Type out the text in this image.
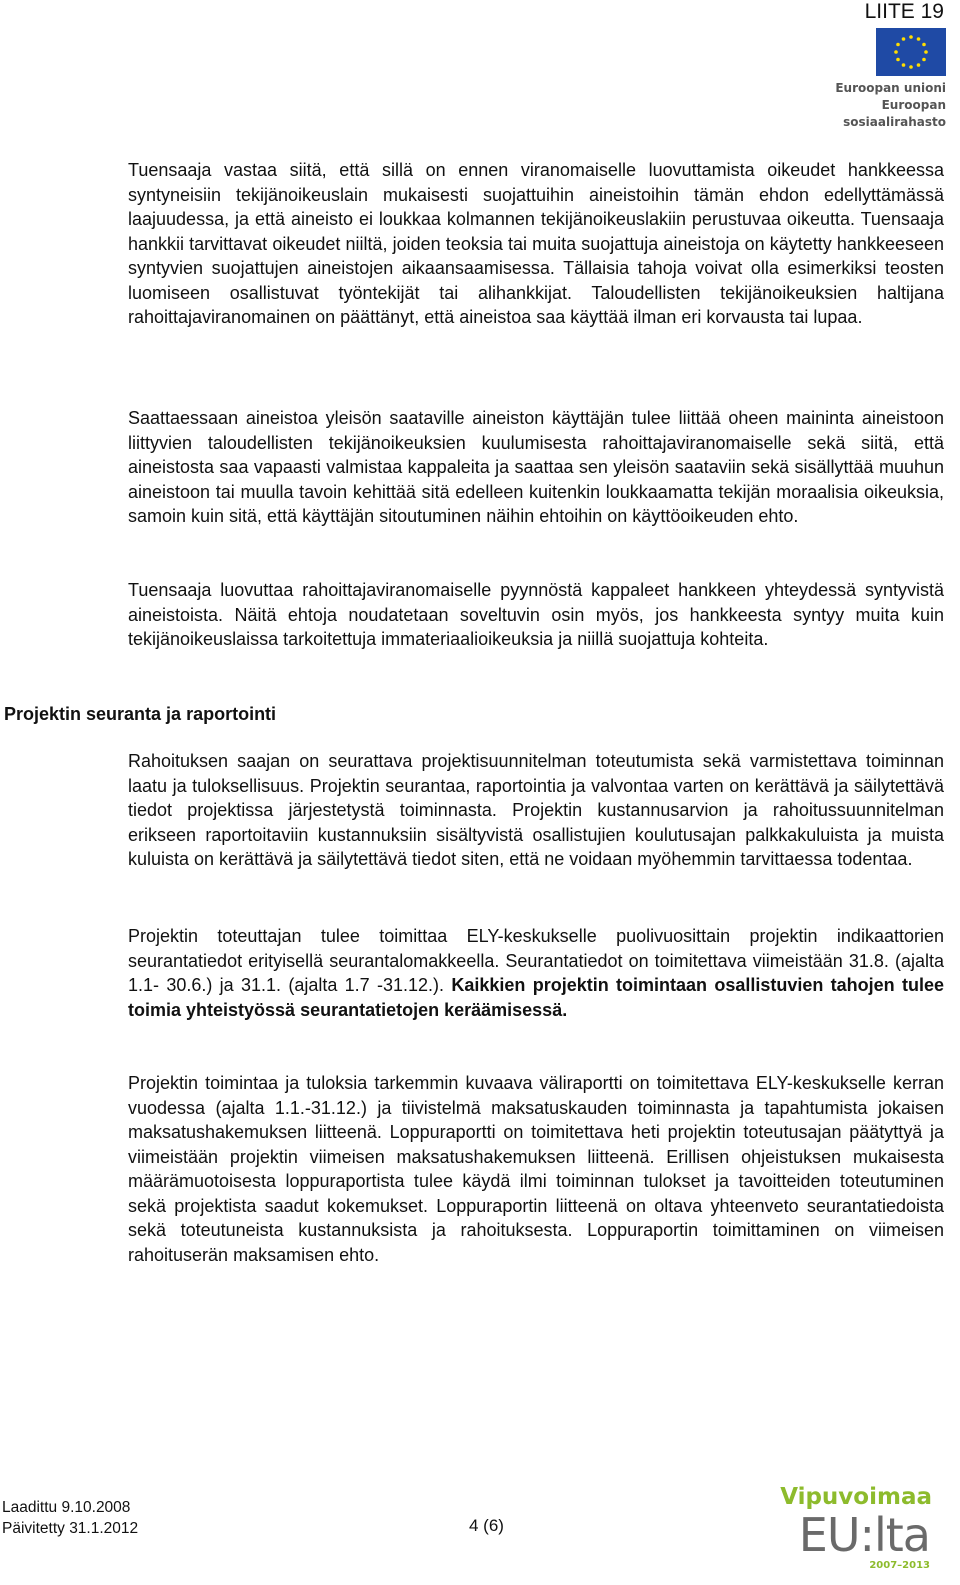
LIITE 19
Euroopan unioni
Euroopan sosiaalirahasto

Tuensaaja vastaa siitä, että sillä on ennen viranomaiselle luovuttamista oikeudet hankkeessa syntyneisiin tekijänoikeuslain mukaisesti suojattuihin aineistoihin tämän ehdon edellyttämässä laajuudessa, ja että aineisto ei loukkaa kolmannen tekijänoikeuslakiin perustuvaa oikeutta. Tuensaaja hankkii tarvittavat oikeudet niiltä, joiden teoksia tai muita suojattuja aineistoja on käytetty hankkeeseen syntyvien suojattujen aineistojen aikaansaamisessa. Tällaisia tahoja voivat olla esimerkiksi teosten luomiseen osallistuvat työntekijät tai alihankkijat. Taloudellisten tekijänoikeuksien haltijana rahoittajaviranomainen on päättänyt, että aineistoa saa käyttää ilman eri korvausta tai lupaa.

Saattaessaan aineistoa yleisön saataville aineiston käyttäjän tulee liittää oheen maininta aineistoon liittyvien taloudellisten tekijänoikeuksien kuulumisesta rahoittajaviranomaiselle sekä siitä, että aineistosta saa vapaasti valmistaa kappaleita ja saattaa sen yleisön saataviin sekä sisällyttää muuhun aineistoon tai muulla tavoin kehittää sitä edelleen kuitenkin loukkaamatta tekijän moraalisia oikeuksia, samoin kuin sitä, että käyttäjän sitoutuminen näihin ehtoihin on käyttöoikeuden ehto.

Tuensaaja luovuttaa rahoittajaviranomaiselle pyynnöstä kappaleet hankkeen yhteydessä syntyvistä aineistoista. Näitä ehtoja noudatetaan soveltuvin osin myös, jos hankkeesta syntyy muita kuin tekijänoikeuslaissa tarkoitettuja immateriaalioikeuksia ja niillä suojattuja kohteita.

Projektin seuranta ja raportointi

Rahoituksen saajan on seurattava projektisuunnitelman toteutumista sekä varmistettava toiminnan laatu ja tuloksellisuus. Projektin seurantaa, raportointia ja valvontaa varten on kerättävä ja säilytettävä tiedot projektissa järjestetystä toiminnasta. Projektin kustannusarvion ja rahoitussuunnitelman erikseen raportoitaviin kustannuksiin sisältyvistä osallistujien koulutusajan palkkakuluista ja muista kuluista on kerättävä ja säilytettävä tiedot siten, että ne voidaan myöhemmin tarvittaessa todentaa.

Projektin toteuttajan tulee toimittaa ELY-keskukselle puolivuosittain projektin indikaattorien seurantatiedot erityisellä seurantalomakkeella. Seurantatiedot on toimitettava viimeistään 31.8. (ajalta 1.1- 30.6.) ja 31.1. (ajalta 1.7 -31.12.). Kaikkien projektin toimintaan osallistuvien tahojen tulee toimia yhteistyössä seurantatietojen keräämisessä.

Projektin toimintaa ja tuloksia tarkemmin kuvaava väliraportti on toimitettava ELY-keskukselle kerran vuodessa (ajalta 1.1.-31.12.) ja tiivistelmä maksatuskauden toiminnasta ja tapahtumista jokaisen maksatushakemuksen liitteenä. Loppuraportti on toimitettava heti projektin toteutusajan päätyttyä ja viimeistään projektin viimeisen maksatushakemuksen liitteenä. Erillisen ohjeistuksen mukaisesta määrämuotoisesta loppuraportista tulee käydä ilmi toiminnan tulokset ja tavoitteiden toteutuminen sekä projektista saadut kokemukset. Loppuraportin liitteenä on oltava yhteenveto seurantatiedoista sekä toteutuneista kustannuksista ja rahoituksesta. Loppuraportin toimittaminen on viimeisen rahoituserän maksamisen ehto.

Laadittu 9.10.2008
Päivitetty 31.1.2012	4 (6)
Vipuvoimaa
EU:lta
2007–2013
